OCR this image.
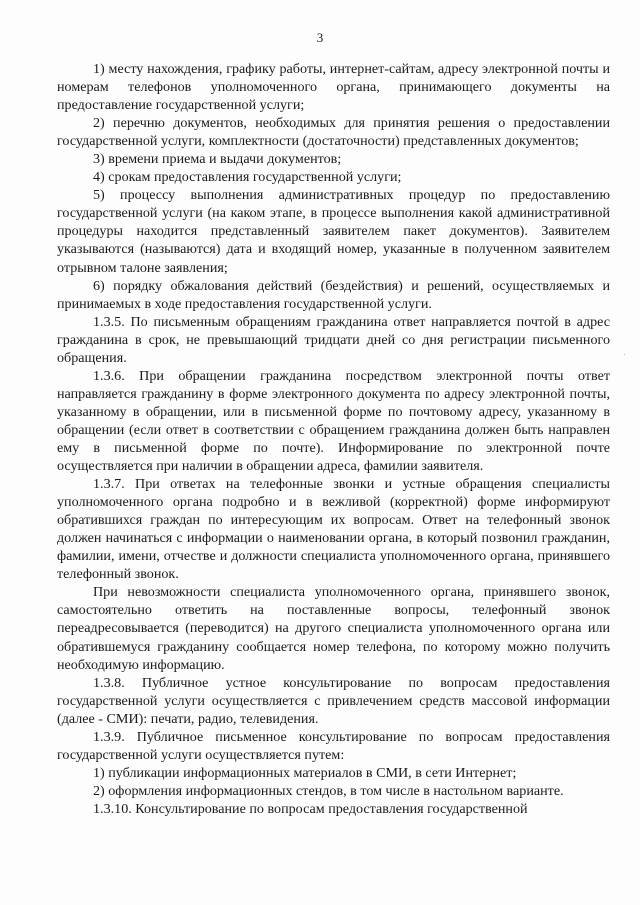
3

1) месту нахождения, графику работы, интернет-сайтам, адресу электронной почты и номерам телефонов уполномоченного органа, принимающего документы на предоставление государственной услуги;

2) перечню документов, необходимых для принятия решения о предоставлении государственной услуги, комплектности (достаточности) представленных документов;

3) времени приема и выдачи документов;

4) срокам предоставления государственной услуги;

5) процессу выполнения административных процедур по предоставлению государственной услуги (на каком этапе, в процессе выполнения какой административной процедуры находится представленный заявителем пакет документов). Заявителем указываются (называются) дата и входящий номер, указанные в полученном заявителем отрывном талоне заявления;

6) порядку обжалования действий (бездействия) и решений, осуществляемых и принимаемых в ходе предоставления государственной услуги.

1.3.5. По письменным обращениям гражданина ответ направляется почтой в адрес гражданина в срок, не превышающий тридцати дней со дня регистрации письменного обращения.

1.3.6. При обращении гражданина посредством электронной почты ответ направляется гражданину в форме электронного документа по адресу электронной почты, указанному в обращении, или в письменной форме по почтовому адресу, указанному в обращении (если ответ в соответствии с обращением гражданина должен быть направлен ему в письменной форме по почте). Информирование по электронной почте осуществляется при наличии в обращении адреса, фамилии заявителя.

1.3.7. При ответах на телефонные звонки и устные обращения специалисты уполномоченного органа подробно и в вежливой (корректной) форме информируют обратившихся граждан по интересующим их вопросам. Ответ на телефонный звонок должен начинаться с информации о наименовании органа, в который позвонил гражданин, фамилии, имени, отчестве и должности специалиста уполномоченного органа, принявшего телефонный звонок.

При невозможности специалиста уполномоченного органа, принявшего звонок, самостоятельно ответить на поставленные вопросы, телефонный звонок переадресовывается (переводится) на другого специалиста уполномоченного органа или обратившемуся гражданину сообщается номер телефона, по которому можно получить необходимую информацию.

1.3.8. Публичное устное консультирование по вопросам предоставления государственной услуги осуществляется с привлечением средств массовой информации (далее - СМИ): печати, радио, телевидения.

1.3.9. Публичное письменное консультирование по вопросам предоставления государственной услуги осуществляется путем:

1) публикации информационных материалов в СМИ, в сети Интернет;

2) оформления информационных стендов, в том числе в настольном варианте.

1.3.10. Консультирование по вопросам предоставления государственной
